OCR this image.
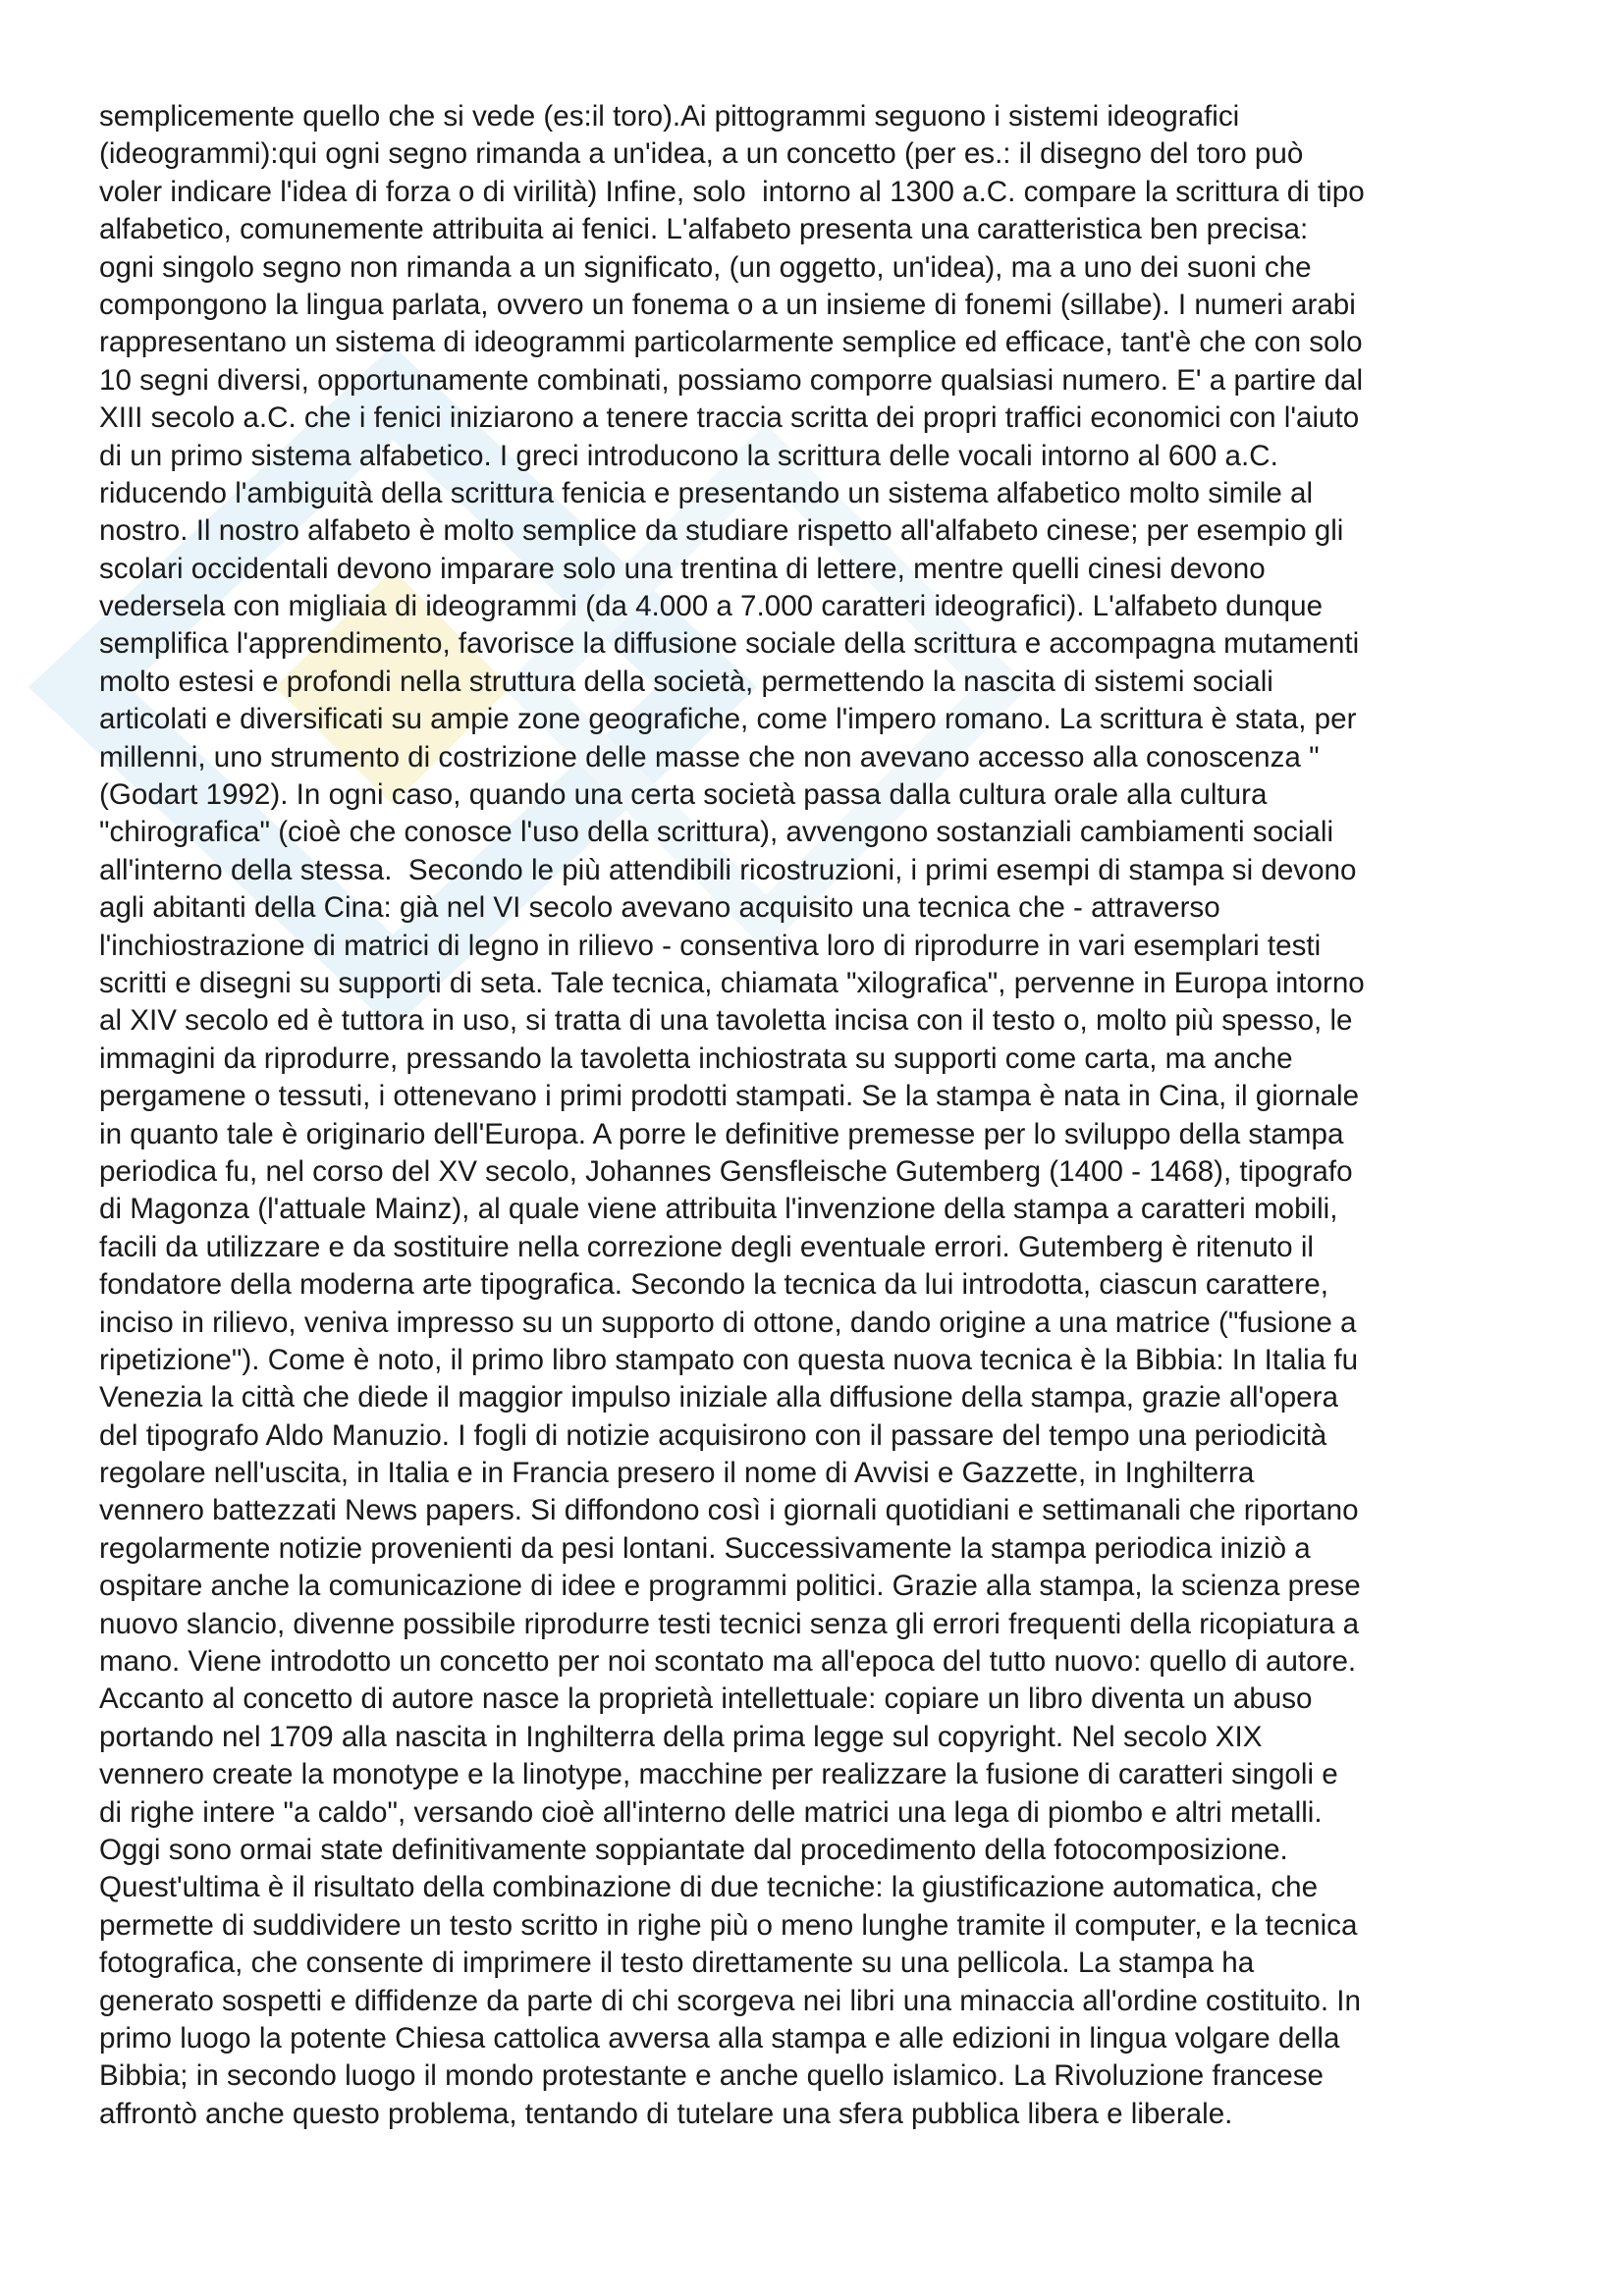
semplicemente quello che si vede (es:il toro).Ai pittogrammi seguono i sistemi ideografici

(ideogrammi):qui ogni segno rimanda a un'idea, a un concetto (per es.: il disegno del toro può

voler indicare l'idea di forza o di virilità) Infine, solo  intorno al 1300 a.C. compare la scrittura di tipo

alfabetico, comunemente attribuita ai fenici. L'alfabeto presenta una caratteristica ben precisa:

ogni singolo segno non rimanda a un significato, (un oggetto, un'idea), ma a uno dei suoni che

compongono la lingua parlata, ovvero un fonema o a un insieme di fonemi (sillabe). I numeri arabi

rappresentano un sistema di ideogrammi particolarmente semplice ed efficace, tant'è che con solo

10 segni diversi, opportunamente combinati, possiamo comporre qualsiasi numero. E' a partire dal

XIII secolo a.C. che i fenici iniziarono a tenere traccia scritta dei propri traffici economici con l'aiuto

di un primo sistema alfabetico. I greci introducono la scrittura delle vocali intorno al 600 a.C.

riducendo l'ambiguità della scrittura fenicia e presentando un sistema alfabetico molto simile al

nostro. Il nostro alfabeto è molto semplice da studiare rispetto all'alfabeto cinese; per esempio gli

scolari occidentali devono imparare solo una trentina di lettere, mentre quelli cinesi devono

vedersela con migliaia di ideogrammi (da 4.000 a 7.000 caratteri ideografici). L'alfabeto dunque

semplifica l'apprendimento, favorisce la diffusione sociale della scrittura e accompagna mutamenti

molto estesi e profondi nella struttura della società, permettendo la nascita di sistemi sociali

articolati e diversificati su ampie zone geografiche, come l'impero romano. La scrittura è stata, per

millenni, uno strumento di costrizione delle masse che non avevano accesso alla conoscenza "

(Godart 1992). In ogni caso, quando una certa società passa dalla cultura orale alla cultura

"chirografica" (cioè che conosce l'uso della scrittura), avvengono sostanziali cambiamenti sociali

all'interno della stessa.  Secondo le più attendibili ricostruzioni, i primi esempi di stampa si devono

agli abitanti della Cina: già nel VI secolo avevano acquisito una tecnica che - attraverso

l'inchiostrazione di matrici di legno in rilievo - consentiva loro di riprodurre in vari esemplari testi

scritti e disegni su supporti di seta. Tale tecnica, chiamata "xilografica", pervenne in Europa intorno

al XIV secolo ed è tuttora in uso, si tratta di una tavoletta incisa con il testo o, molto più spesso, le

immagini da riprodurre, pressando la tavoletta inchiostrata su supporti come carta, ma anche

pergamene o tessuti, i ottenevano i primi prodotti stampati. Se la stampa è nata in Cina, il giornale

in quanto tale è originario dell'Europa. A porre le definitive premesse per lo sviluppo della stampa

periodica fu, nel corso del XV secolo, Johannes Gensfleische Gutemberg (1400 - 1468), tipografo

di Magonza (l'attuale Mainz), al quale viene attribuita l'invenzione della stampa a caratteri mobili,

facili da utilizzare e da sostituire nella correzione degli eventuale errori. Gutemberg è ritenuto il

fondatore della moderna arte tipografica. Secondo la tecnica da lui introdotta, ciascun carattere,

inciso in rilievo, veniva impresso su un supporto di ottone, dando origine a una matrice ("fusione a

ripetizione"). Come è noto, il primo libro stampato con questa nuova tecnica è la Bibbia: In Italia fu

Venezia la città che diede il maggior impulso iniziale alla diffusione della stampa, grazie all'opera

del tipografo Aldo Manuzio. I fogli di notizie acquisirono con il passare del tempo una periodicità

regolare nell'uscita, in Italia e in Francia presero il nome di Avvisi e Gazzette, in Inghilterra

vennero battezzati News papers. Si diffondono così i giornali quotidiani e settimanali che riportano

regolarmente notizie provenienti da pesi lontani. Successivamente la stampa periodica iniziò a

ospitare anche la comunicazione di idee e programmi politici. Grazie alla stampa, la scienza prese

nuovo slancio, divenne possibile riprodurre testi tecnici senza gli errori frequenti della ricopiatura a

mano. Viene introdotto un concetto per noi scontato ma all'epoca del tutto nuovo: quello di autore.

Accanto al concetto di autore nasce la proprietà intellettuale: copiare un libro diventa un abuso

portando nel 1709 alla nascita in Inghilterra della prima legge sul copyright. Nel secolo XIX

vennero create la monotype e la linotype, macchine per realizzare la fusione di caratteri singoli e

di righe intere "a caldo", versando cioè all'interno delle matrici una lega di piombo e altri metalli.

Oggi sono ormai state definitivamente soppiantate dal procedimento della fotocomposizione.

Quest'ultima è il risultato della combinazione di due tecniche: la giustificazione automatica, che

permette di suddividere un testo scritto in righe più o meno lunghe tramite il computer, e la tecnica

fotografica, che consente di imprimere il testo direttamente su una pellicola. La stampa ha

generato sospetti e diffidenze da parte di chi scorgeva nei libri una minaccia all'ordine costituito. In

primo luogo la potente Chiesa cattolica avversa alla stampa e alle edizioni in lingua volgare della

Bibbia; in secondo luogo il mondo protestante e anche quello islamico. La Rivoluzione francese

affrontò anche questo problema, tentando di tutelare una sfera pubblica libera e liberale.
